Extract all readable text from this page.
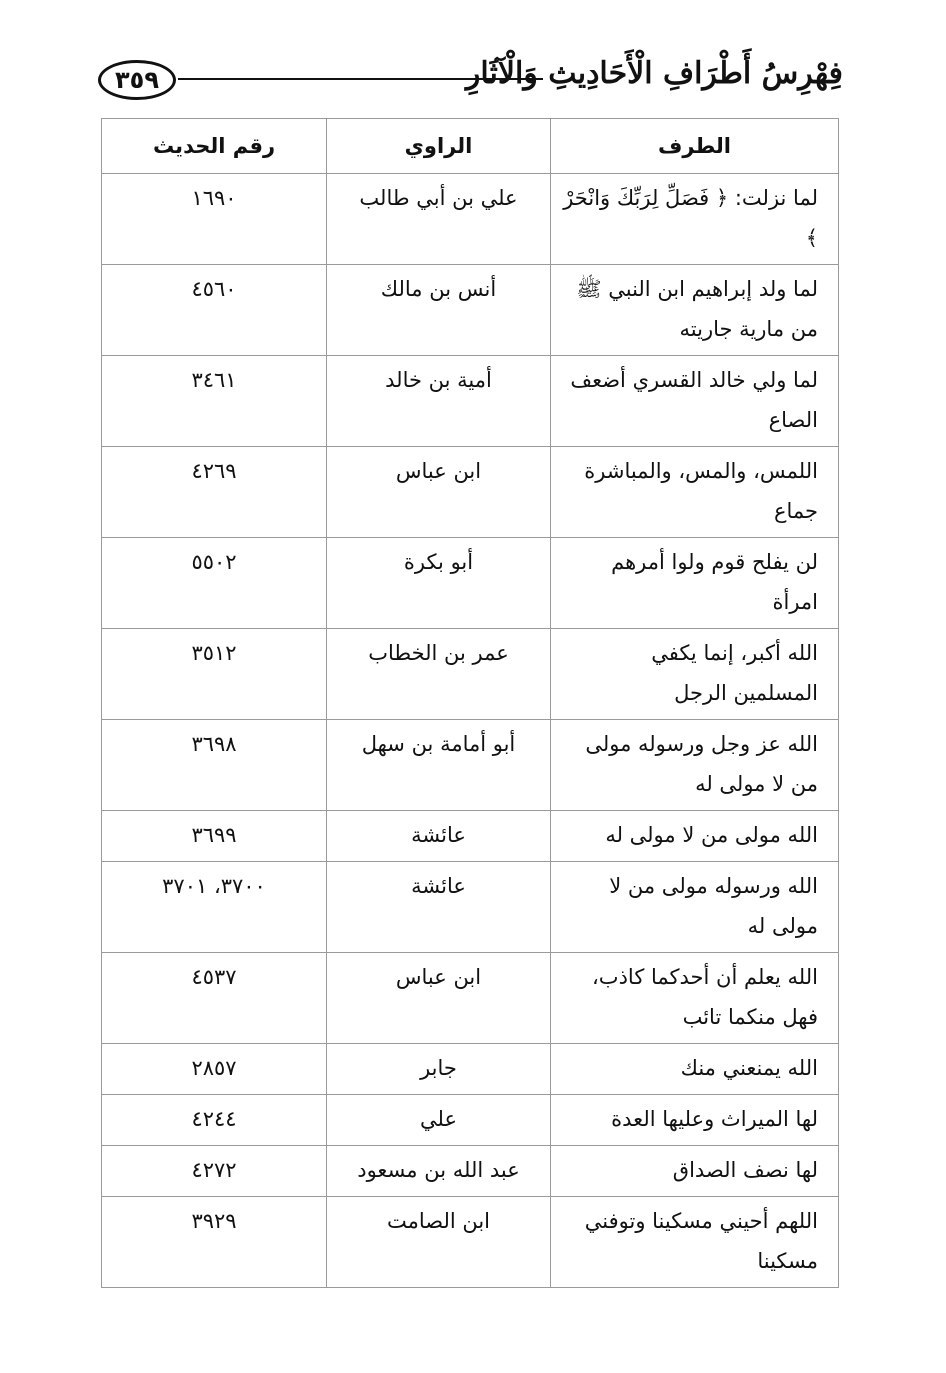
٣٥٩	فِهْرِسُ أَطْرَافِ الْأَحَادِيثِ وَالْآثَارِ
الطرف	الراوي	رقم الحديث
لما نزلت: ﴿ فَصَلِّ لِرَبِّكَ وَانْحَرْ ﴾	علي بن أبي طالب	١٦٩٠
لما ولد إبراهيم ابن النبي ﷺ من مارية جاريته	أنس بن مالك	٤٥٦٠
لما ولي خالد القسري أضعف الصاع	أمية بن خالد	٣٤٦١
اللمس، والمس، والمباشرة جماع	ابن عباس	٤٢٦٩
لن يفلح قوم ولوا أمرهم امرأة	أبو بكرة	٥٥٠٢
الله أكبر، إنما يكفي المسلمين الرجل	عمر بن الخطاب	٣٥١٢
الله عز وجل ورسوله مولى من لا مولى له	أبو أمامة بن سهل	٣٦٩٨
الله مولى من لا مولى له	عائشة	٣٦٩٩
الله ورسوله مولى من لا مولى له	عائشة	٣٧٠٠، ٣٧٠١
الله يعلم أن أحدكما كاذب، فهل منكما تائب	ابن عباس	٤٥٣٧
الله يمنعني منك	جابر	٢٨٥٧
لها الميراث وعليها العدة	علي	٤٢٤٤
لها نصف الصداق	عبد الله بن مسعود	٤٢٧٢
اللهم أحيني مسكينا وتوفني مسكينا	ابن الصامت	٣٩٢٩
